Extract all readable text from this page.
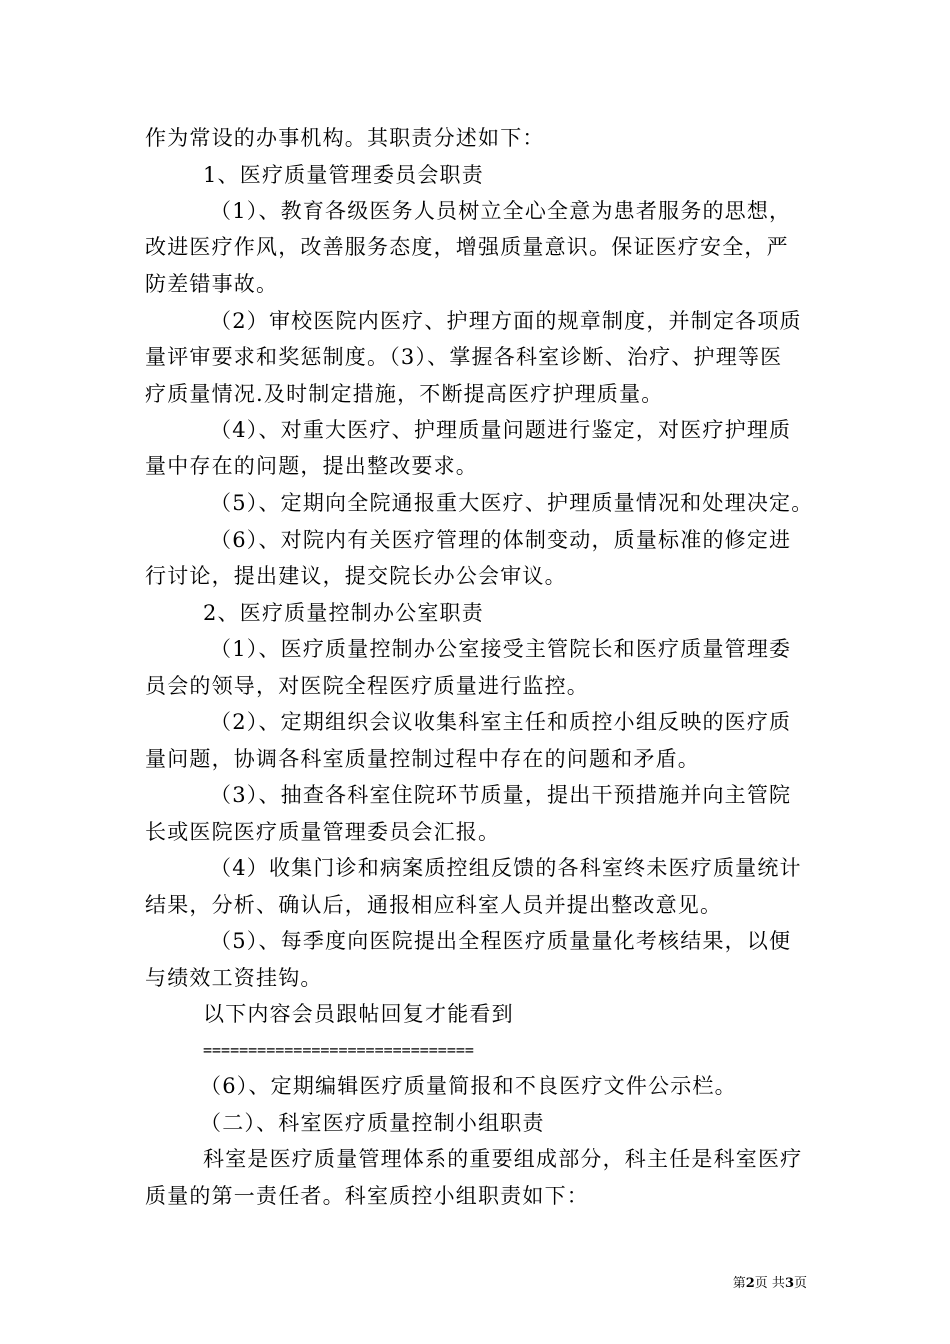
作为常设的办事机构。其职责分述如下：
1、医疗质量管理委员会职责
（1）、教育各级医务人员树立全心全意为患者服务的思想，
改进医疗作风，改善服务态度，增强质量意识。保证医疗安全，严
防差错事故。
（2）审校医院内医疗、护理方面的规章制度，并制定各项质
量评审要求和奖惩制度。（3）、掌握各科室诊断、治疗、护理等医
疗质量情况.及时制定措施，不断提高医疗护理质量。
（4）、对重大医疗、护理质量问题进行鉴定，对医疗护理质
量中存在的问题，提出整改要求。
（5）、定期向全院通报重大医疗、护理质量情况和处理决定。
（6）、对院内有关医疗管理的体制变动，质量标准的修定进
行讨论，提出建议，提交院长办公会审议。
2、医疗质量控制办公室职责
（1）、医疗质量控制办公室接受主管院长和医疗质量管理委
员会的领导，对医院全程医疗质量进行监控。
（2）、定期组织会议收集科室主任和质控小组反映的医疗质
量问题，协调各科室质量控制过程中存在的问题和矛盾。
（3）、抽查各科室住院环节质量，提出干预措施并向主管院
长或医院医疗质量管理委员会汇报。
（4）收集门诊和病案质控组反馈的各科室终未医疗质量统计
结果，分析、确认后，通报相应科室人员并提出整改意见。
（5）、每季度向医院提出全程医疗质量量化考核结果，以便
与绩效工资挂钩。
以下内容会员跟帖回复才能看到
==============================
（6）、定期编辑医疗质量简报和不良医疗文件公示栏。
（二）、科室医疗质量控制小组职责
科室是医疗质量管理体系的重要组成部分，科主任是科室医疗
质量的第一责任者。科室质控小组职责如下：
第2页 共3页
